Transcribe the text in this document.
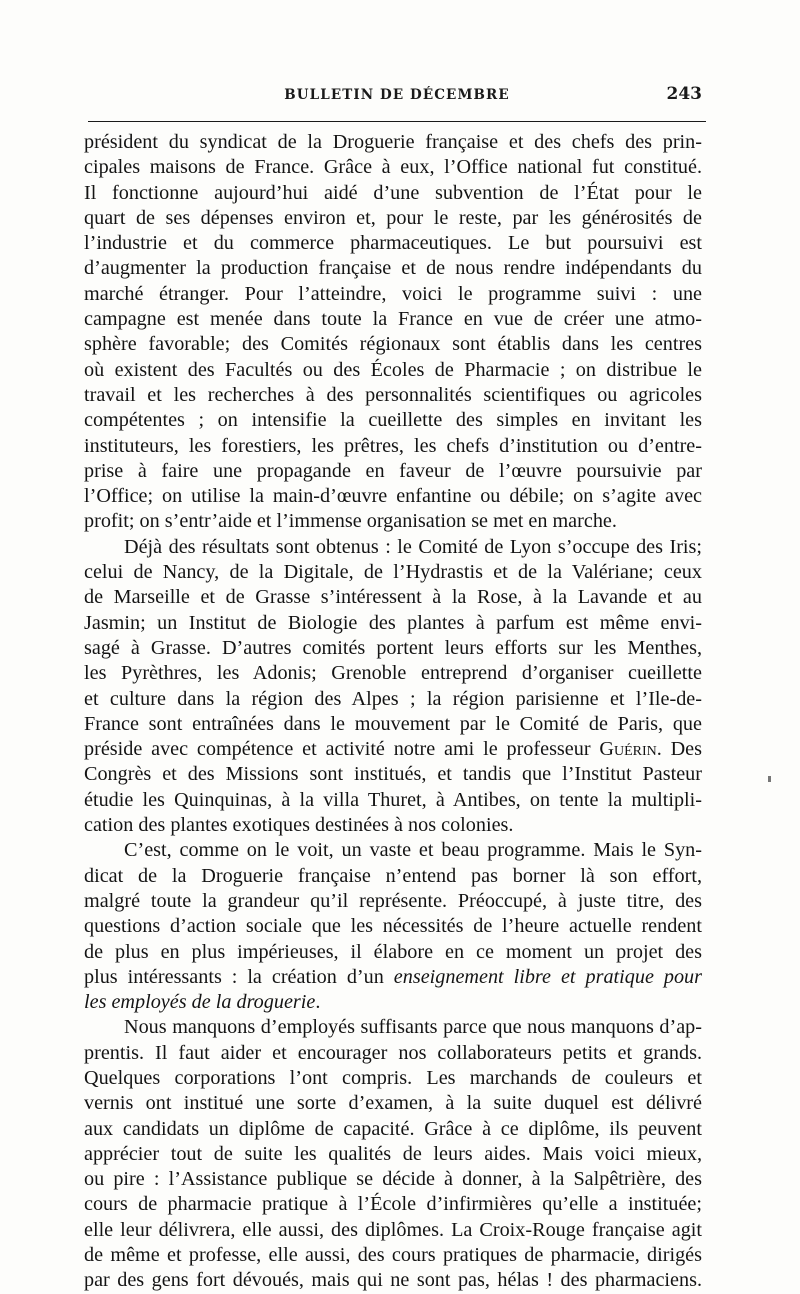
BULLETIN DE DÉCEMBRE	243
président du syndicat de la Droguerie française et des chefs des prin-
cipales maisons de France. Grâce à eux, l’Office national fut constitué.
Il fonctionne aujourd’hui aidé d’une subvention de l’État pour le
quart de ses dépenses environ et, pour le reste, par les générosités de
l’industrie et du commerce pharmaceutiques. Le but poursuivi est
d’augmenter la production française et de nous rendre indépendants du
marché étranger. Pour l’atteindre, voici le programme suivi : une
campagne est menée dans toute la France en vue de créer une atmo-
sphère favorable; des Comités régionaux sont établis dans les centres
où existent des Facultés ou des Écoles de Pharmacie ; on distribue le
travail et les recherches à des personnalités scientifiques ou agricoles
compétentes ; on intensifie la cueillette des simples en invitant les
instituteurs, les forestiers, les prêtres, les chefs d’institution ou d’entre-
prise à faire une propagande en faveur de l’œuvre poursuivie par
l’Office; on utilise la main-d’œuvre enfantine ou débile; on s’agite avec
profit; on s’entr’aide et l’immense organisation se met en marche.
Déjà des résultats sont obtenus : le Comité de Lyon s’occupe des Iris;
celui de Nancy, de la Digitale, de l’Hydrastis et de la Valériane; ceux
de Marseille et de Grasse s’intéressent à la Rose, à la Lavande et au
Jasmin; un Institut de Biologie des plantes à parfum est même envi-
sagé à Grasse. D’autres comités portent leurs efforts sur les Menthes,
les Pyrèthres, les Adonis; Grenoble entreprend d’organiser cueillette
et culture dans la région des Alpes ; la région parisienne et l’Ile-de-
France sont entraînées dans le mouvement par le Comité de Paris, que
préside avec compétence et activité notre ami le professeur Guérin. Des
Congrès et des Missions sont institués, et tandis que l’Institut Pasteur
étudie les Quinquinas, à la villa Thuret, à Antibes, on tente la multipli-
cation des plantes exotiques destinées à nos colonies.
C’est, comme on le voit, un vaste et beau programme. Mais le Syn-
dicat de la Droguerie française n’entend pas borner là son effort,
malgré toute la grandeur qu’il représente. Préoccupé, à juste titre, des
questions d’action sociale que les nécessités de l’heure actuelle rendent
de plus en plus impérieuses, il élabore en ce moment un projet des
plus intéressants : la création d’un enseignement libre et pratique pour
les employés de la droguerie.
Nous manquons d’employés suffisants parce que nous manquons d’ap-
prentis. Il faut aider et encourager nos collaborateurs petits et grands.
Quelques corporations l’ont compris. Les marchands de couleurs et
vernis ont institué une sorte d’examen, à la suite duquel est délivré
aux candidats un diplôme de capacité. Grâce à ce diplôme, ils peuvent
apprécier tout de suite les qualités de leurs aides. Mais voici mieux,
ou pire : l’Assistance publique se décide à donner, à la Salpêtrière, des
cours de pharmacie pratique à l’École d’infirmières qu’elle a instituée;
elle leur délivrera, elle aussi, des diplômes. La Croix-Rouge française agit
de même et professe, elle aussi, des cours pratiques de pharmacie, dirigés
par des gens fort dévoués, mais qui ne sont pas, hélas ! des pharmaciens.
